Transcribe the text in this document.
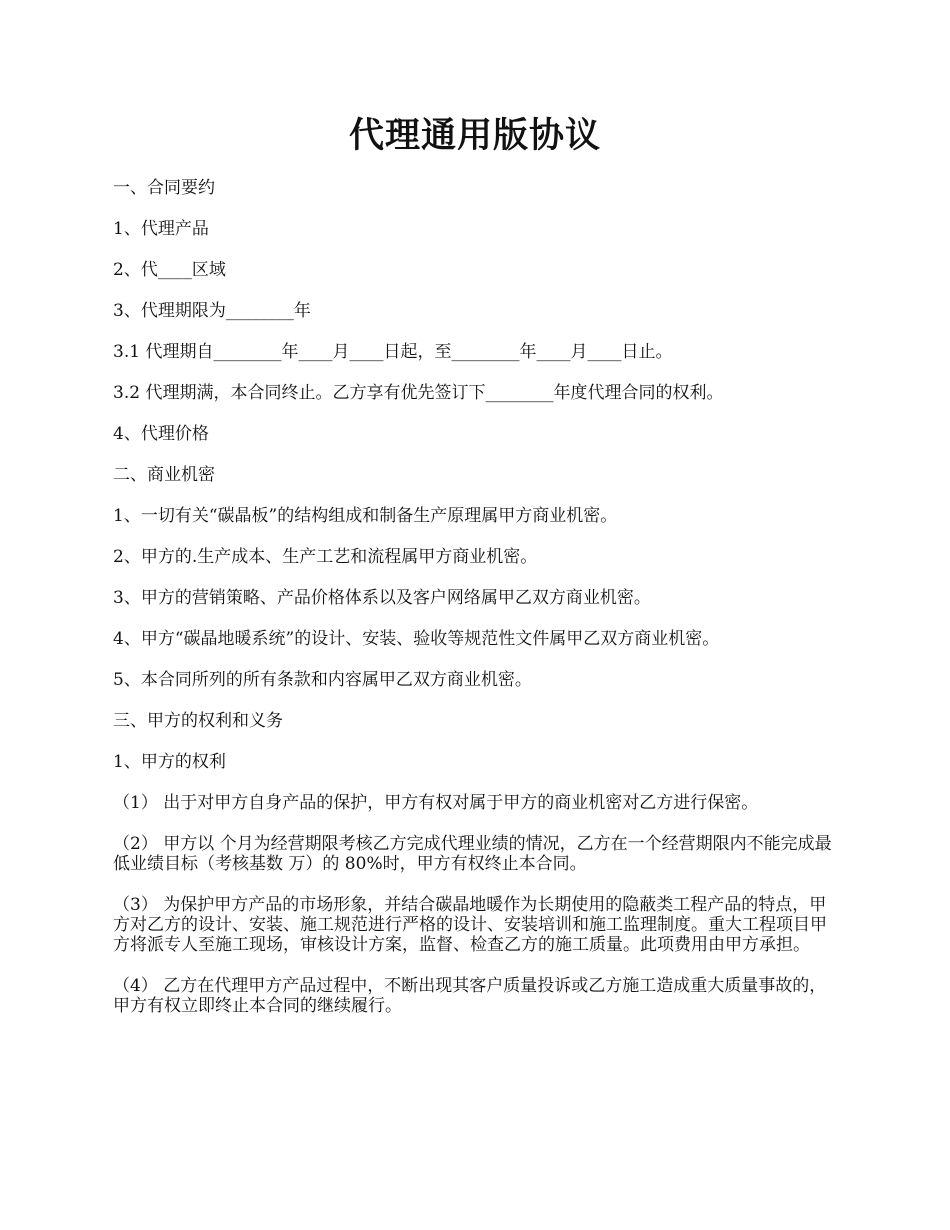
代理通用版协议

一、合同要约

1、代理产品

2、代____区域

3、代理期限为________年

3.1 代理期自________年____月____日起，至________年____月____日止。

3.2 代理期满，本合同终止。乙方享有优先签订下________年度代理合同的权利。

4、代理价格

二、商业机密

1、一切有关“碳晶板”的结构组成和制备生产原理属甲方商业机密。

2、甲方的.生产成本、生产工艺和流程属甲方商业机密。

3、甲方的营销策略、产品价格体系以及客户网络属甲乙双方商业机密。

4、甲方“碳晶地暖系统”的设计、安装、验收等规范性文件属甲乙双方商业机密。

5、本合同所列的所有条款和内容属甲乙双方商业机密。

三、甲方的权利和义务

1、甲方的权利

（1） 出于对甲方自身产品的保护，甲方有权对属于甲方的商业机密对乙方进行保密。

（2） 甲方以 个月为经营期限考核乙方完成代理业绩的情况，乙方在一个经营期限内不能完成最低业绩目标（考核基数 万）的 80%时，甲方有权终止本合同。

（3） 为保护甲方产品的市场形象，并结合碳晶地暖作为长期使用的隐蔽类工程产品的特点，甲方对乙方的设计、安装、施工规范进行严格的设计、安装培训和施工监理制度。重大工程项目甲方将派专人至施工现场，审核设计方案，监督、检查乙方的施工质量。此项费用由甲方承担。

（4） 乙方在代理甲方产品过程中，不断出现其客户质量投诉或乙方施工造成重大质量事故的，甲方有权立即终止本合同的继续履行。
